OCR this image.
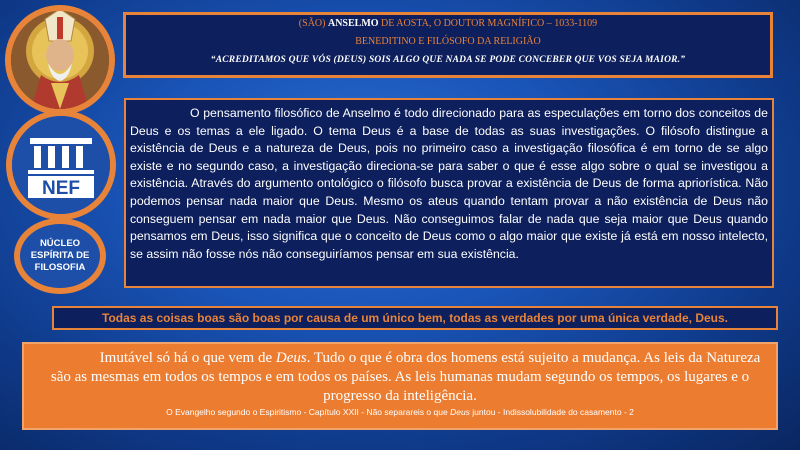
NEF
NÚCLEO
ESPÍRITA DE
FILOSOFIA
(SÃO) ANSELMO DE AOSTA, O DOUTOR MAGNÍFICO – 1033-1109
BENEDITINO E FILÓSOFO DA RELIGIÃO
“ACREDITAMOS QUE VÓS (DEUS) SOIS ALGO QUE NADA SE PODE CONCEBER QUE VOS SEJA MAIOR.”
O pensamento filosófico de Anselmo é todo direcionado para as especulações em torno dos conceitos de Deus e os temas a ele ligado. O tema Deus é a base de todas as suas investigações. O filósofo distingue a existência de Deus e a natureza de Deus, pois no primeiro caso a investigação filosófica é em torno de se algo existe e no segundo caso, a investigação direciona-se para saber o que é esse algo sobre o qual se investigou a existência. Através do argumento ontológico o filósofo busca provar a existência de Deus de forma apriorística. Não podemos pensar nada maior que Deus. Mesmo os ateus quando tentam provar a não existência de Deus não conseguem pensar em nada maior que Deus. Não conseguimos falar de nada que seja maior que Deus quando pensamos em Deus, isso significa que o conceito de Deus como o algo maior que existe já está em nosso intelecto, se assim não fosse nós não conseguiríamos pensar em sua existência.
Todas as coisas boas são boas por causa de um único bem, todas as verdades por uma única verdade, Deus.
Imutável só há o que vem de Deus. Tudo o que é obra dos homens está sujeito a mudança. As leis da Natureza são as mesmas em todos os tempos e em todos os países. As leis humanas mudam segundo os tempos, os lugares e o progresso da inteligência.
O Evangelho segundo o Espiritismo - Capítulo XXII - Não separareis o que Deus juntou - Indissolubilidade do casamento - 2
